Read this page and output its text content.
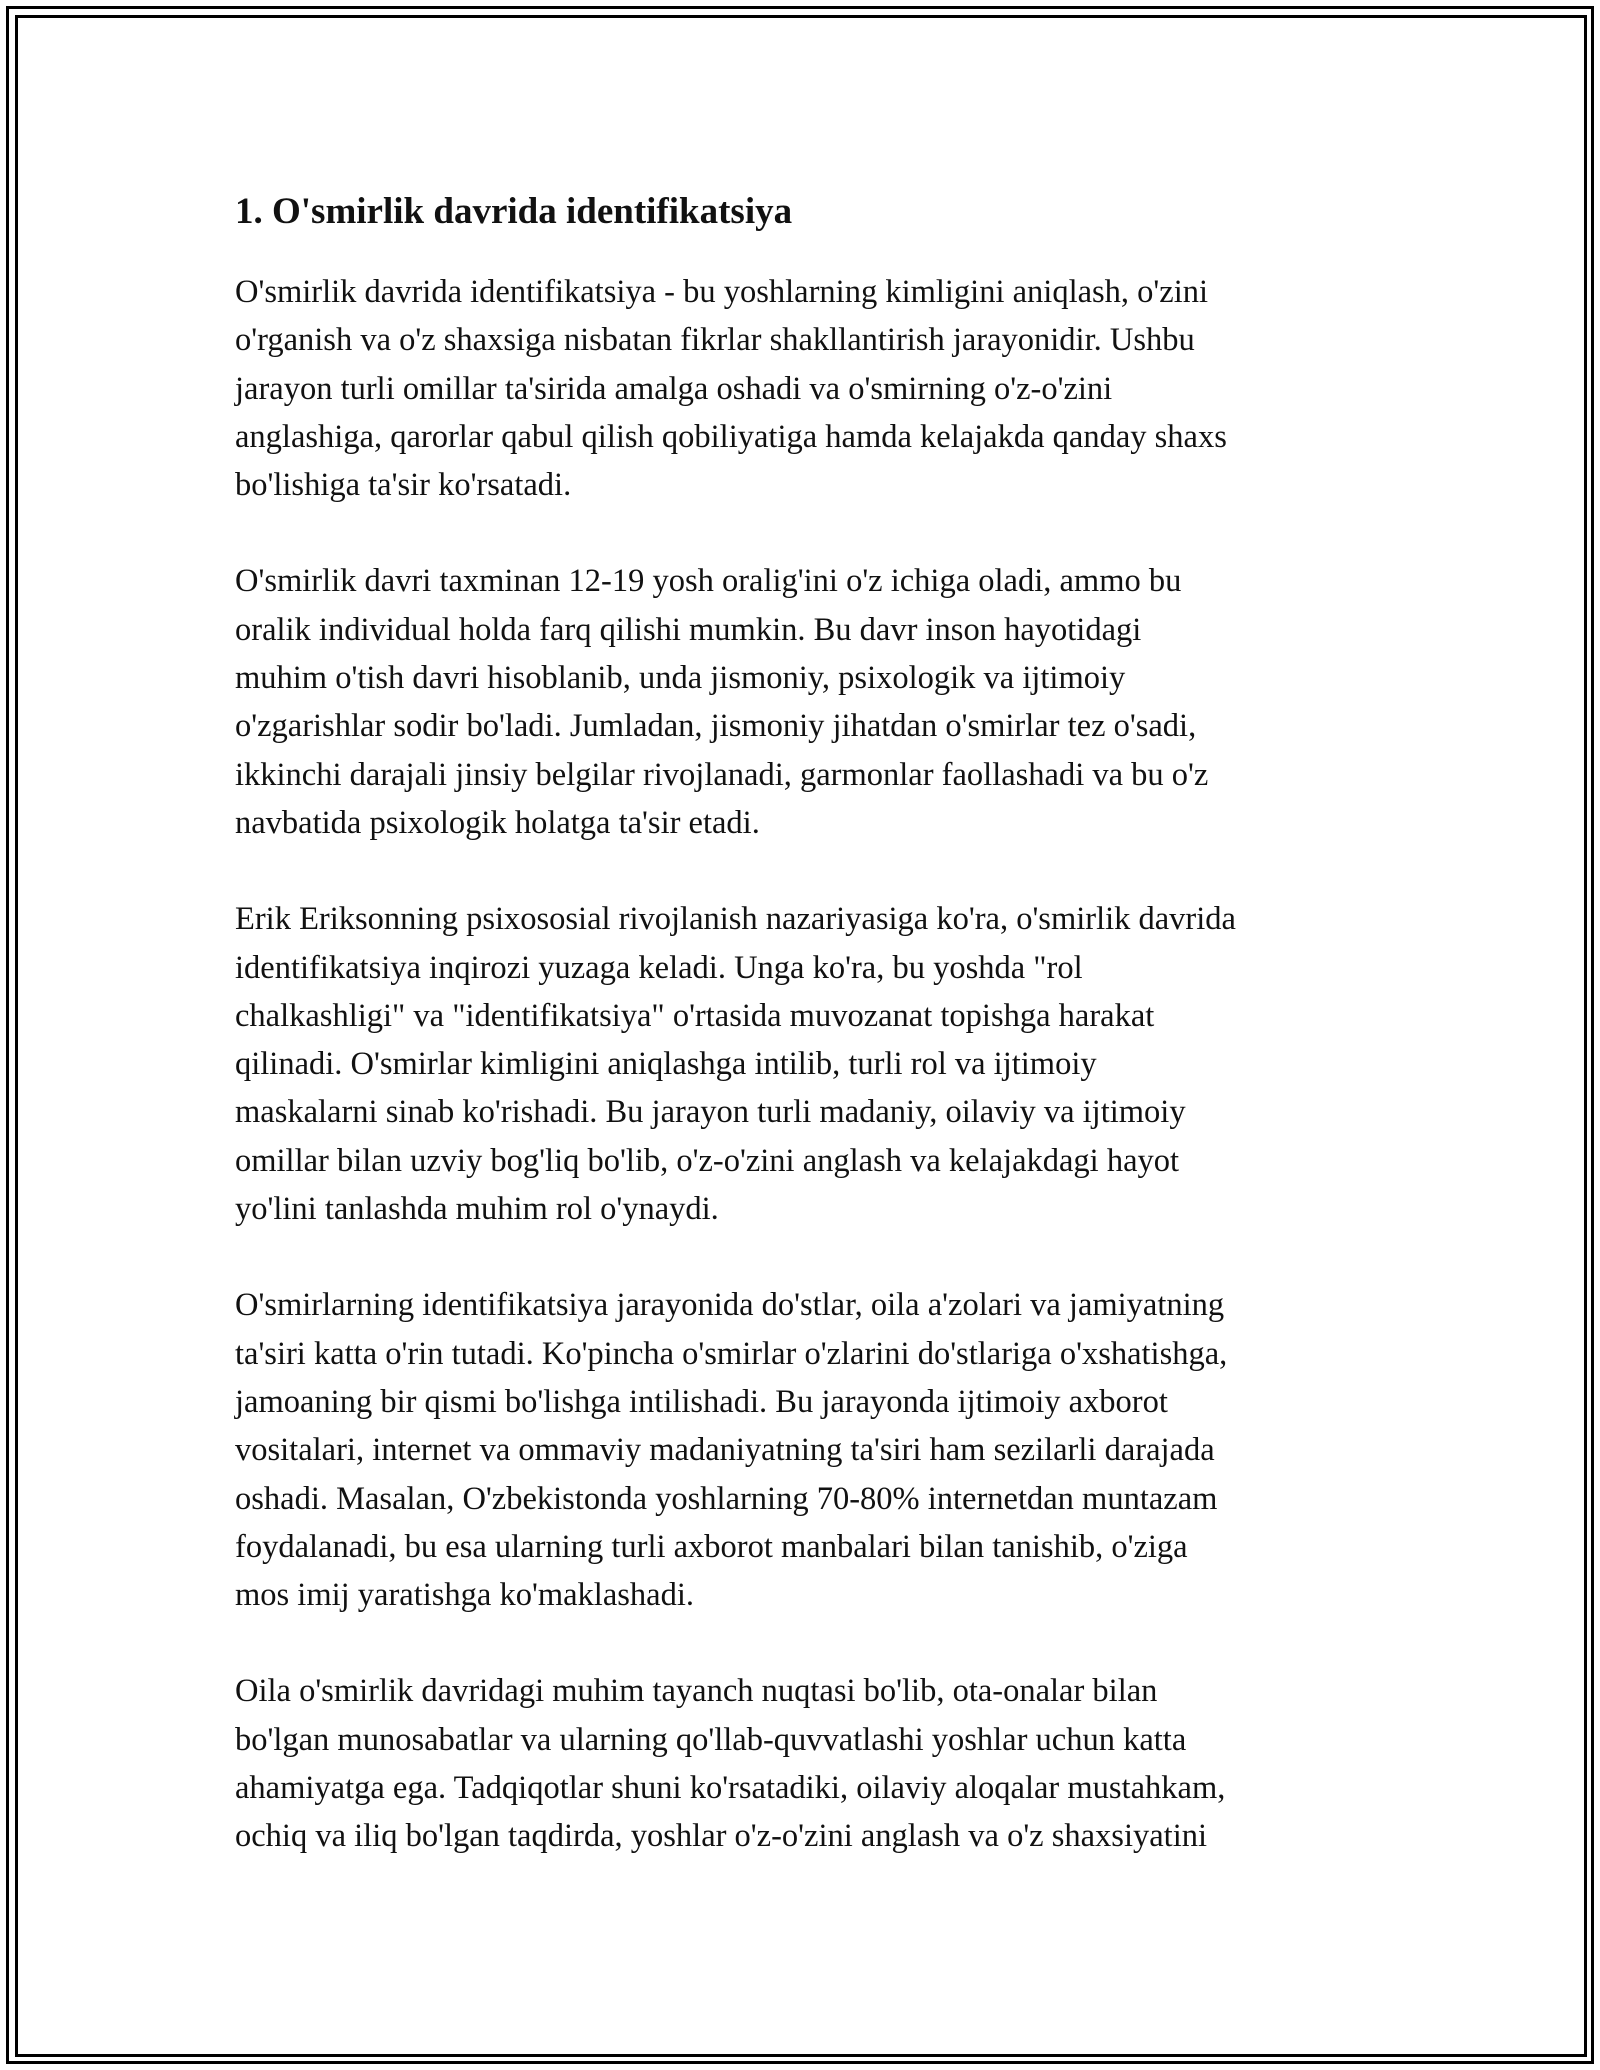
1. O'smirlik davrida identifikatsiya

O'smirlik davrida identifikatsiya - bu yoshlarning kimligini aniqlash, o'zini
o'rganish va o'z shaxsiga nisbatan fikrlar shakllantirish jarayonidir. Ushbu
jarayon turli omillar ta'sirida amalga oshadi va o'smirning o'z-o'zini
anglashiga, qarorlar qabul qilish qobiliyatiga hamda kelajakda qanday shaxs
bo'lishiga ta'sir ko'rsatadi.

O'smirlik davri taxminan 12-19 yosh oralig'ini o'z ichiga oladi, ammo bu
oralik individual holda farq qilishi mumkin. Bu davr inson hayotidagi
muhim o'tish davri hisoblanib, unda jismoniy, psixologik va ijtimoiy
o'zgarishlar sodir bo'ladi. Jumladan, jismoniy jihatdan o'smirlar tez o'sadi,
ikkinchi darajali jinsiy belgilar rivojlanadi, garmonlar faollashadi va bu o'z
navbatida psixologik holatga ta'sir etadi.

Erik Eriksonning psixososial rivojlanish nazariyasiga ko'ra, o'smirlik davrida
identifikatsiya inqirozi yuzaga keladi. Unga ko'ra, bu yoshda "rol
chalkashligi" va "identifikatsiya" o'rtasida muvozanat topishga harakat
qilinadi. O'smirlar kimligini aniqlashga intilib, turli rol va ijtimoiy
maskalarni sinab ko'rishadi. Bu jarayon turli madaniy, oilaviy va ijtimoiy
omillar bilan uzviy bog'liq bo'lib, o'z-o'zini anglash va kelajakdagi hayot
yo'lini tanlashda muhim rol o'ynaydi.

O'smirlarning identifikatsiya jarayonida do'stlar, oila a'zolari va jamiyatning
ta'siri katta o'rin tutadi. Ko'pincha o'smirlar o'zlarini do'stlariga o'xshatishga,
jamoaning bir qismi bo'lishga intilishadi. Bu jarayonda ijtimoiy axborot
vositalari, internet va ommaviy madaniyatning ta'siri ham sezilarli darajada
oshadi. Masalan, O'zbekistonda yoshlarning 70-80% internetdan muntazam
foydalanadi, bu esa ularning turli axborot manbalari bilan tanishib, o'ziga
mos imij yaratishga ko'maklashadi.

Oila o'smirlik davridagi muhim tayanch nuqtasi bo'lib, ota-onalar bilan
bo'lgan munosabatlar va ularning qo'llab-quvvatlashi yoshlar uchun katta
ahamiyatga ega. Tadqiqotlar shuni ko'rsatadiki, oilaviy aloqalar mustahkam,
ochiq va iliq bo'lgan taqdirda, yoshlar o'z-o'zini anglash va o'z shaxsiyatini
